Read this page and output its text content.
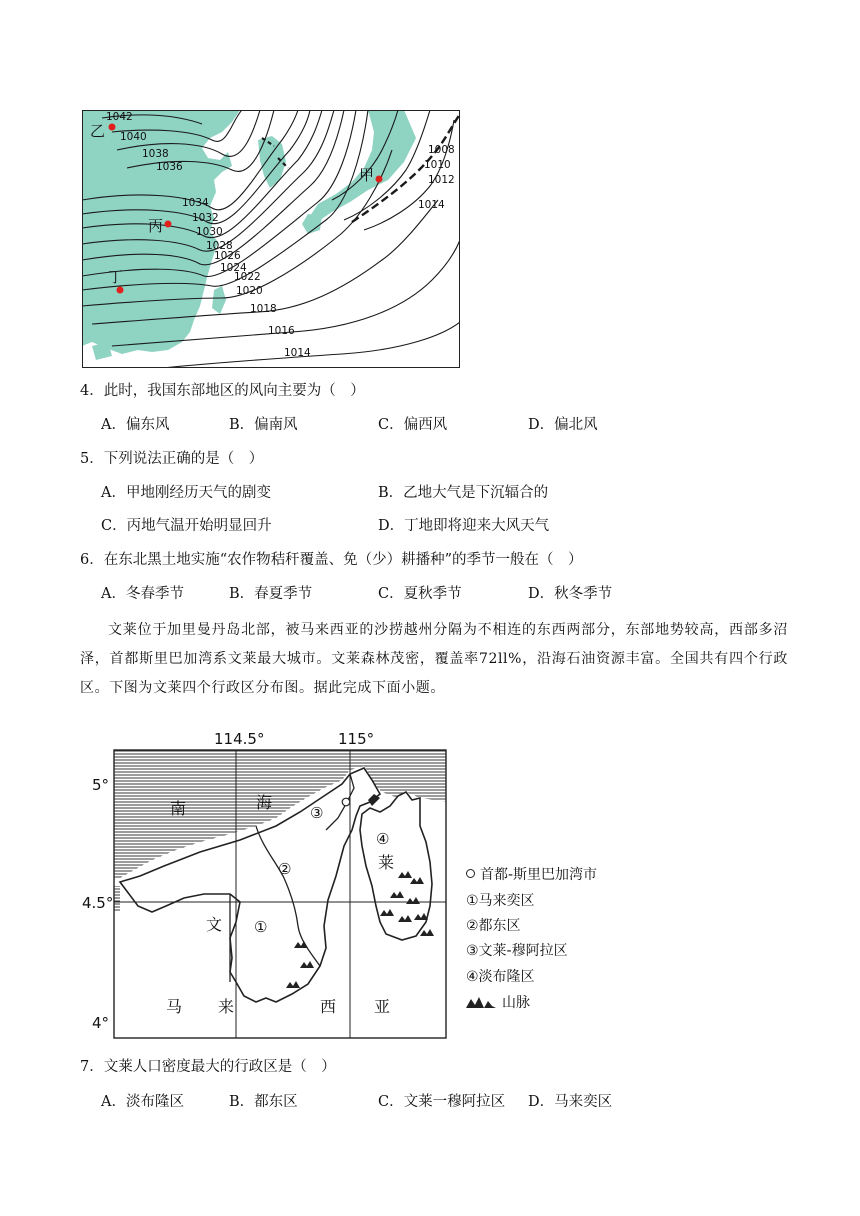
1042
1040
1038
1036
1034
1032
1030
1028
1026
1024
1022
1020
1018
1016
1014
1008
1010
1012
1014
甲
乙
丙
丁
4．此时，我国东部地区的风向主要为（　）
A．偏东风	B．偏南风	C．偏西风	D．偏北风
5．下列说法正确的是（　）
A．甲地刚经历天气的剧变	B．乙地大气是下沉辐合的
C．丙地气温开始明显回升	D．丁地即将迎来大风天气
6．在东北黑土地实施“农作物秸秆覆盖、免（少）耕播种”的季节一般在（　）
A．冬春季节	B．春夏季节	C．夏秋季节	D．秋冬季节
文莱位于加里曼丹岛北部，被马来西亚的沙捞越州分隔为不相连的东西两部分，东部地势较高，西部多沼泽，首都斯里巴加湾系文莱最大城市。文莱森林茂密，覆盖率72ll%，沿海石油资源丰富。全国共有四个行政区。下图为文莱四个行政区分布图。据此完成下面小题。
114.5°	115°
5°
4.5°
4°
南	海
文
莱
马 来	西 亚
①
②
③
④
首都-斯里巴加湾市
①马来奕区
②都东区
③文莱-穆阿拉区
④淡布隆区
山脉
7．文莱人口密度最大的行政区是（　）
A．淡布隆区	B．都东区	C．文莱一穆阿拉区 D．马来奕区
